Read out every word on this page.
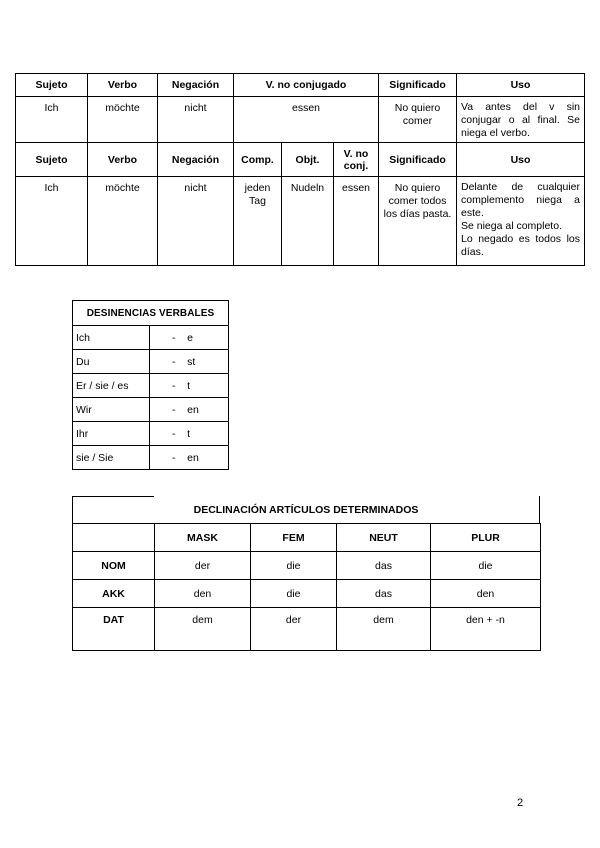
Sujeto	Verbo	Negación	V. no conjugado			Significado	Uso
Ich	möchte	nicht	essen			No quiero comer	Va antes del v sin conjugar o al final. Se niega el verbo.
Sujeto	Verbo	Negación	Comp.	Objt.	V. no conj.	Significado	Uso
Ich	möchte	nicht	jeden Tag	Nudeln	essen	No quiero comer todos los días pasta.	Delante de cualquier complemento niega a este.
Se niega al completo.
Lo negado es todos los días.
DESINENCIAS VERBALES	
Ich	-    e
Du	-    st
Er / sie / es	-    t
Wir	-    en
Ihr	-    t
sie / Sie	-    en
DECLINACIÓN ARTÍCULOS DETERMINADOS
	MASK	FEM	NEUT	PLUR
NOM	der	die	das	die
AKK	den	die	das	den
DAT	dem	der	dem	den + -n
2
